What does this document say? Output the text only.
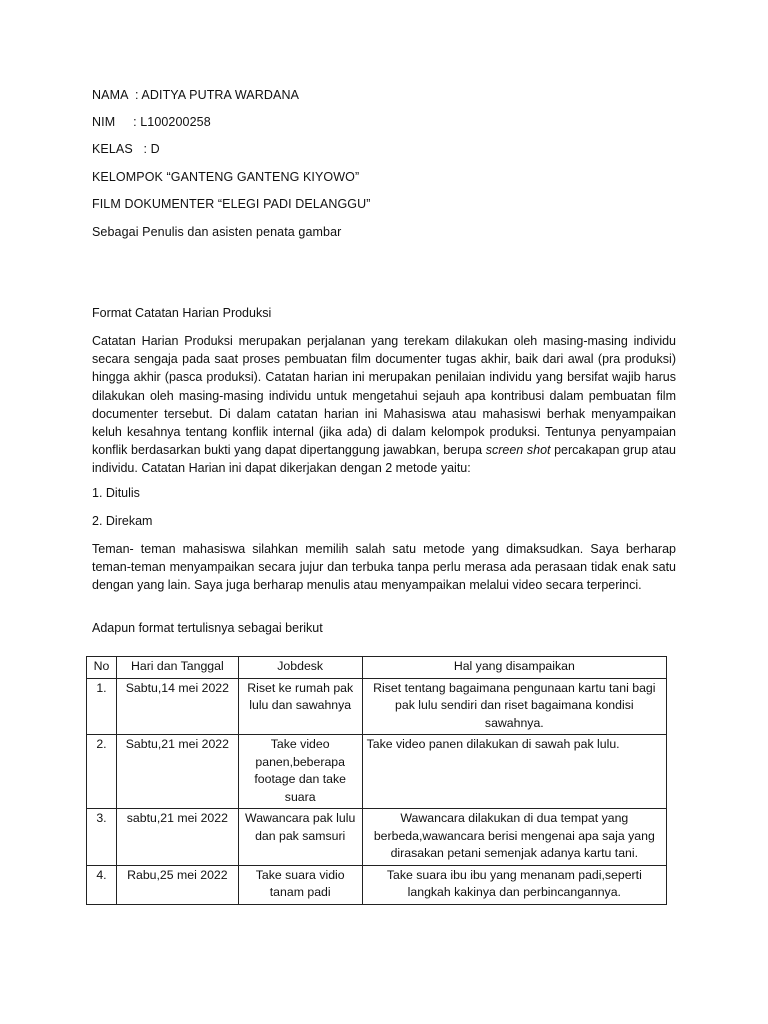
NAMA  : ADITYA PUTRA WARDANA
NIM     : L100200258
KELAS   : D
KELOMPOK “GANTENG GANTENG KIYOWO”
FILM DOKUMENTER “ELEGI PADI DELANGGU”
Sebagai Penulis dan asisten penata gambar
Format Catatan Harian Produksi
Catatan Harian Produksi merupakan perjalanan yang terekam dilakukan oleh masing-masing individu secara sengaja pada saat proses pembuatan film documenter tugas akhir, baik dari awal (pra produksi) hingga akhir (pasca produksi). Catatan harian ini merupakan penilaian individu yang bersifat wajib harus dilakukan oleh masing-masing individu untuk mengetahui sejauh apa kontribusi dalam pembuatan film documenter tersebut. Di dalam catatan harian ini Mahasiswa atau mahasiswi berhak menyampaikan keluh kesahnya tentang konflik internal (jika ada) di dalam kelompok produksi. Tentunya penyampaian konflik berdasarkan bukti yang dapat dipertanggung jawabkan, berupa screen shot percakapan grup atau individu. Catatan Harian ini dapat dikerjakan dengan 2 metode yaitu:
1. Ditulis
2. Direkam
Teman- teman mahasiswa silahkan memilih salah satu metode yang dimaksudkan. Saya berharap teman-teman menyampaikan secara jujur dan terbuka tanpa perlu merasa ada perasaan tidak enak satu dengan yang lain. Saya juga berharap menulis atau menyampaikan melalui video secara terperinci.
Adapun format tertulisnya sebagai berikut
No	Hari dan Tanggal	Jobdesk	Hal yang disampaikan
1.	Sabtu,14 mei 2022	Riset ke rumah pak lulu dan sawahnya	Riset tentang bagaimana pengunaan kartu tani bagi pak lulu sendiri dan riset bagaimana kondisi sawahnya.
2.	Sabtu,21 mei 2022	Take video panen,beberapa footage dan take suara	Take video panen dilakukan di sawah pak lulu.
3.	sabtu,21 mei 2022	Wawancara pak lulu dan pak samsuri	Wawancara dilakukan di dua tempat yang berbeda,wawancara berisi mengenai apa saja yang dirasakan petani semenjak adanya kartu tani.
4.	Rabu,25 mei 2022	Take suara vidio tanam padi	Take suara ibu ibu yang menanam padi,seperti langkah kakinya dan perbincangannya.
